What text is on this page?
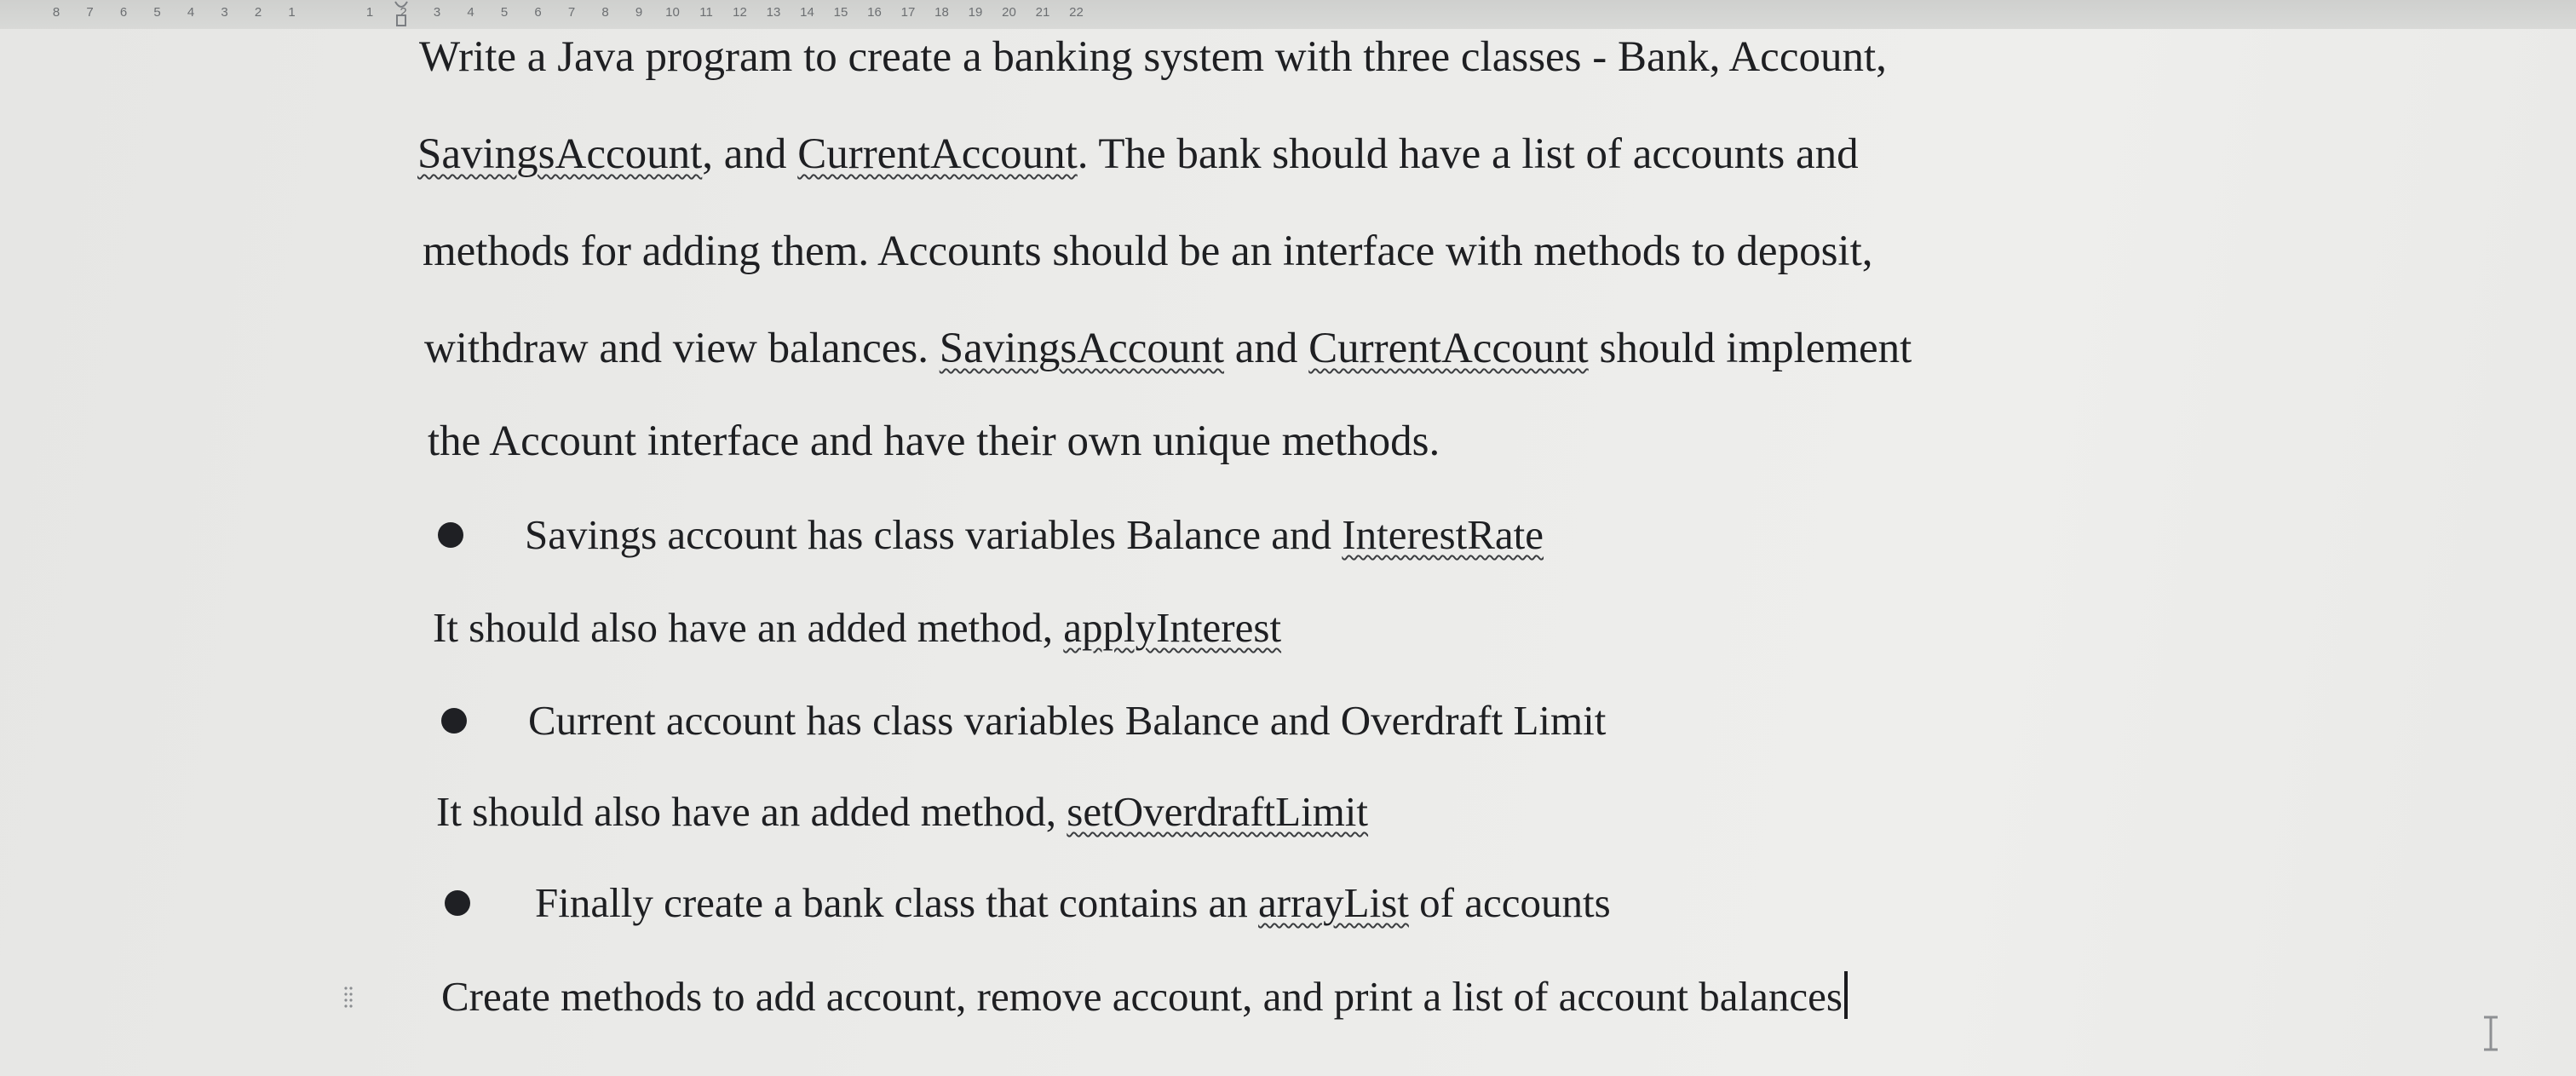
8 7 6 5 4 3 2 1	1 2 3 4 5 6 7 8 9 10 11 12 13 14 15 16 17 18 19 20 21 22
Write a Java program to create a banking system with three classes - Bank, Account,
SavingsAccount, and CurrentAccount. The bank should have a list of accounts and
methods for adding them. Accounts should be an interface with methods to deposit,
withdraw and view balances. SavingsAccount and CurrentAccount should implement
the Account interface and have their own unique methods.
Savings account has class variables Balance and InterestRate
It should also have an added method, applyInterest
Current account has class variables Balance and Overdraft Limit
It should also have an added method, setOverdraftLimit
Finally create a bank class that contains an arrayList of accounts
Create methods to add account, remove account, and print a list of account balances
